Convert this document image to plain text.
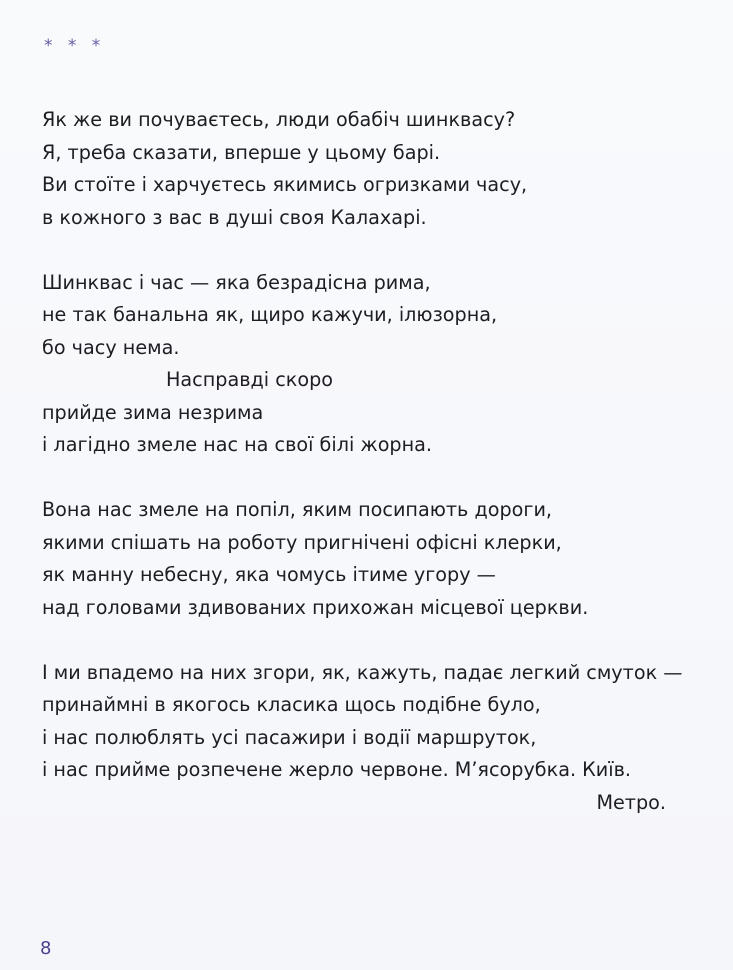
* * *
Як же ви почуваєтесь, люди обабіч шинквасу?
Я, треба сказати, вперше у цьому барі.
Ви стоїте і харчуєтесь якимись огризками часу,
в кожного з вас в душі своя Калахарі.
Шинквас і час — яка безрадісна рима,
не так банальна як, щиро кажучи, ілюзорна,
бо часу нема.
Насправді скоро
прийде зима незрима
і лагідно змеле нас на свої білі жорна.
Вона нас змеле на попіл, яким посипають дороги,
якими спішать на роботу пригнічені офісні клерки,
як манну небесну, яка чомусь ітиме угору —
над головами здивованих прихожан місцевої церкви.
І ми впадемо на них згори, як, кажуть, падає легкий смуток —
принаймні в якогось класика щось подібне було,
і нас полюблять усі пасажири і водії маршруток,
і нас прийме розпечене жерло червоне. М’ясорубка. Київ.
Метро.
8
